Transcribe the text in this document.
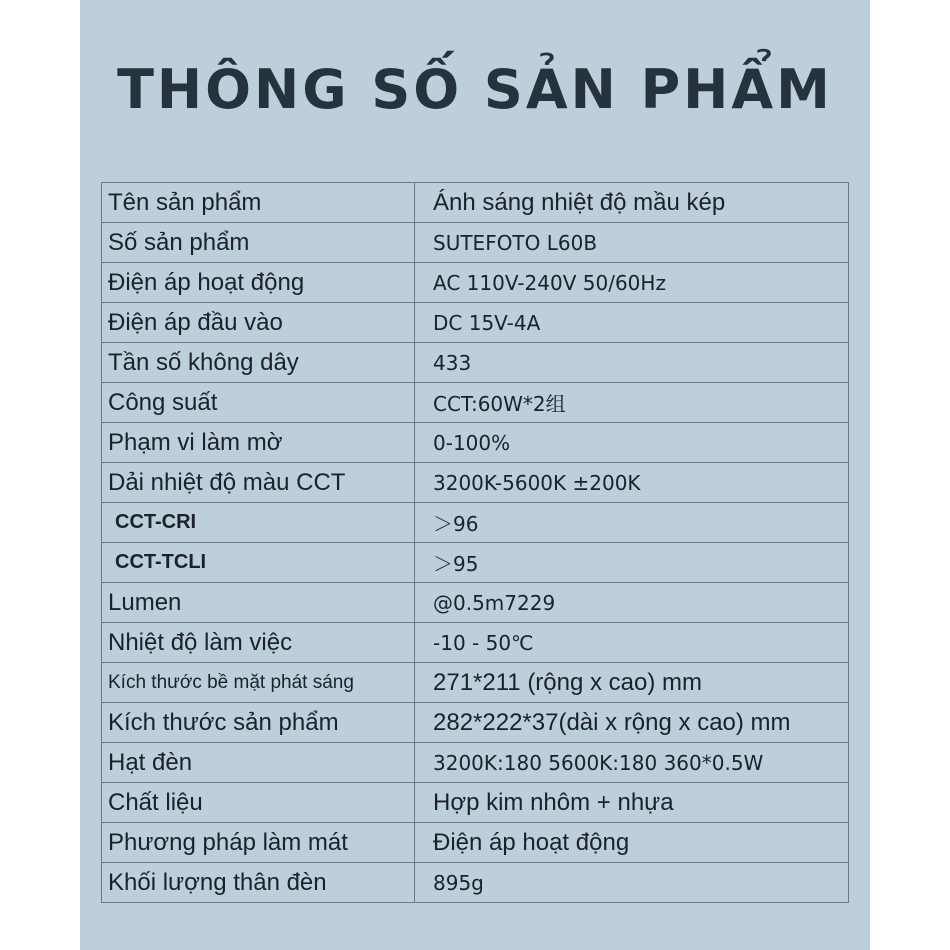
THÔNG SỐ SẢN PHẨM
Tên sản phẩm	Ánh sáng nhiệt độ mầu kép
Số sản phẩm	SUTEFOTO L60B
Điện áp hoạt động	AC 110V-240V 50/60Hz
Điện áp đầu vào	DC 15V-4A
Tần số không dây	433
Công suất	CCT:60W*2组
Phạm vi làm mờ	0-100%
Dải nhiệt độ màu CCT	3200K-5600K ±200K
CCT-CRI	＞96
CCT-TCLI	＞95
Lumen	@0.5m7229
Nhiệt độ làm việc	-10 - 50℃
Kích thước bề mặt phát sáng	271*211 (rộng x cao) mm
Kích thước sản phẩm	282*222*37(dài x rộng x cao) mm
Hạt đèn	3200K:180 5600K:180 360*0.5W
Chất liệu	Hợp kim nhôm + nhựa
Phương pháp làm mát	Điện áp hoạt động
Khối lượng thân đèn	895g
